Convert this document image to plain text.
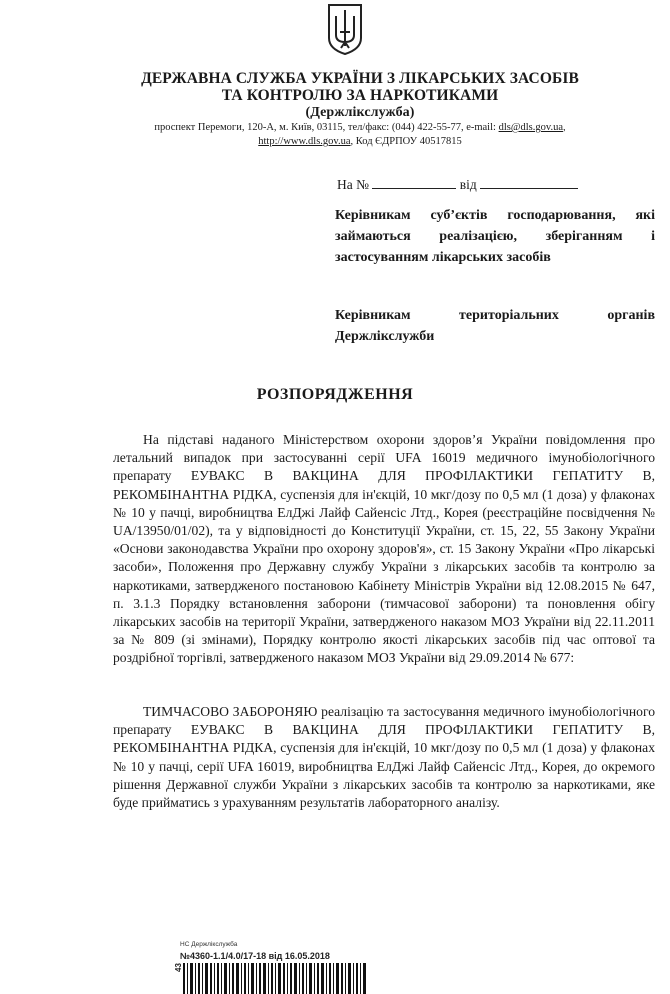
ДЕРЖАВНА СЛУЖБА УКРАЇНИ З ЛІКАРСЬКИХ ЗАСОБІВ
ТА КОНТРОЛЮ ЗА НАРКОТИКАМИ
(Держлікслужба)
проспект Перемоги, 120-А, м. Київ, 03115, тел/факс: (044) 422-55-77, e-mail: dls@dls.gov.ua,
http://www.dls.gov.ua, Код ЄДРПОУ 40517815
На №	від
Керівникам суб’єктів господарювання, які займаються реалізацією, зберіганням і застосуванням лікарських засобів
Керівникам територіальних органів Держлікслужби
РОЗПОРЯДЖЕННЯ
На підставі наданого Міністерством охорони здоров’я України повідомлення про летальний випадок при застосуванні серії UFA 16019 медичного імунобіологічного препарату ЕУВАКС В ВАКЦИНА ДЛЯ ПРОФІЛАКТИКИ ГЕПАТИТУ В, РЕКОМБІНАНТНА РІДКА, суспензія для ін'єкцій, 10 мкг/дозу по 0,5 мл (1 доза) у флаконах № 10 у пачці, виробництва ЕлДжі Лайф Сайенсіс Лтд., Корея (реєстраційне посвідчення № UA/13950/01/02), та у відповідності до Конституції України, ст. 15, 22, 55 Закону України «Основи законодавства України про охорону здоров'я», ст. 15 Закону України «Про лікарські засоби», Положення про Державну службу України з лікарських засобів та контролю за наркотиками, затвердженого постановою Кабінету Міністрів України від 12.08.2015 № 647, п. 3.1.3 Порядку встановлення заборони (тимчасової заборони) та поновлення обігу лікарських засобів на території України, затвердженого наказом МОЗ України від 22.11.2011 за № 809 (зі змінами), Порядку контролю якості лікарських засобів під час оптової та роздрібної торгівлі, затвердженого наказом МОЗ України від 29.09.2014 № 677:
ТИМЧАСОВО ЗАБОРОНЯЮ реалізацію та застосування медичного імунобіологічного препарату ЕУВАКС В ВАКЦИНА ДЛЯ ПРОФІЛАКТИКИ ГЕПАТИТУ В, РЕКОМБІНАНТНА РІДКА, суспензія для ін'єкцій, 10 мкг/дозу по 0,5 мл (1 доза) у флаконах № 10 у пачці, серії UFA 16019, виробництва ЕлДжі Лайф Сайенсіс Лтд., Корея, до окремого рішення Державної служби України з лікарських засобів та контролю за наркотиками, яке буде прийматись з урахуванням результатів лабораторного аналізу.
НС Держлікслужба
№4360-1.1/4.0/17-18 від 16.05.2018
43
